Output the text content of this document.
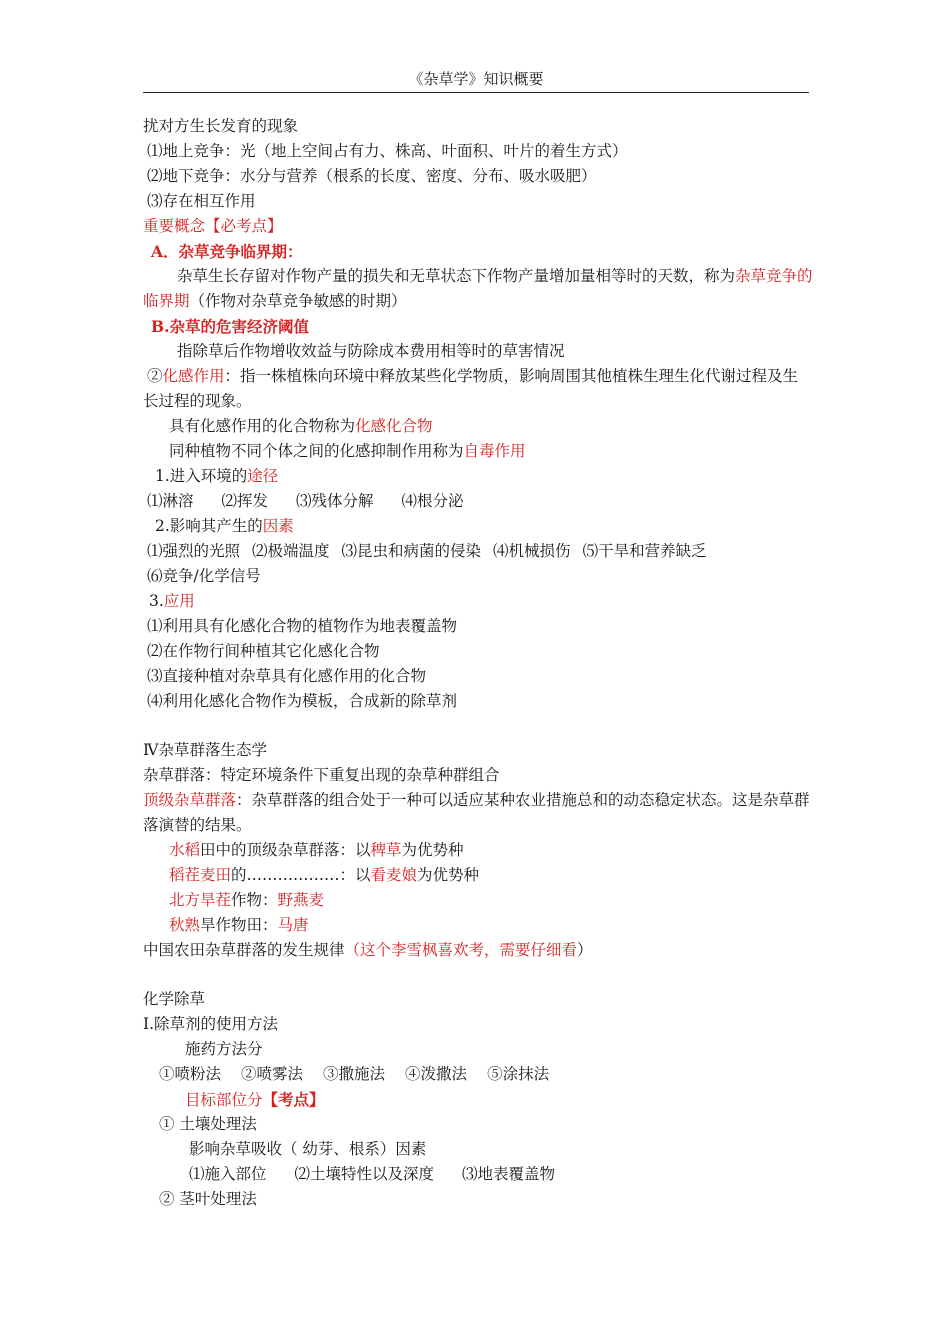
《杂草学》知识概要
扰对方生长发育的现象
⑴地上竞争：光（地上空间占有力、株高、叶面积、叶片的着生方式）
⑵地下竞争：水分与营养（根系的长度、密度、分布、吸水吸肥）
⑶存在相互作用
重要概念【必考点】
A．杂草竞争临界期：
杂草生长存留对作物产量的损失和无草状态下作物产量增加量相等时的天数，称为杂草竞争的临界期（作物对杂草竞争敏感的时期）
B.杂草的危害经济阈值
指除草后作物增收效益与防除成本费用相等时的草害情况
②化感作用：指一株植株向环境中释放某些化学物质，影响周围其他植株生理生化代谢过程及生长过程的现象。
具有化感作用的化合物称为化感化合物
同种植物不同个体之间的化感抑制作用称为自毒作用
1.进入环境的途径
⑴淋溶 ⑵挥发 ⑶残体分解 ⑷根分泌
2.影响其产生的因素
⑴强烈的光照 ⑵极端温度 ⑶昆虫和病菌的侵染 ⑷机械损伤 ⑸干旱和营养缺乏
⑹竞争/化学信号
3.应用
⑴利用具有化感化合物的植物作为地表覆盖物
⑵在作物行间种植其它化感化合物
⑶直接种植对杂草具有化感作用的化合物
⑷利用化感化合物作为模板，合成新的除草剂
Ⅳ杂草群落生态学
杂草群落：特定环境条件下重复出现的杂草种群组合
顶级杂草群落：杂草群落的组合处于一种可以适应某种农业措施总和的动态稳定状态。这是杂草群落演替的结果。
水稻田中的顶级杂草群落：以稗草为优势种
稻茬麦田的………………：以看麦娘为优势种
北方旱茬作物：野燕麦
秋熟旱作物田：马唐
中国农田杂草群落的发生规律（这个李雪枫喜欢考，需要仔细看）
化学除草
Ⅰ.除草剂的使用方法
施药方法分
①喷粉法 ②喷雾法 ③撒施法 ④泼撒法 ⑤涂抹法
目标部位分【考点】
① 土壤处理法
影响杂草吸收（ 幼芽、根系）因素
⑴施入部位 ⑵土壤特性以及深度 ⑶地表覆盖物
② 茎叶处理法
